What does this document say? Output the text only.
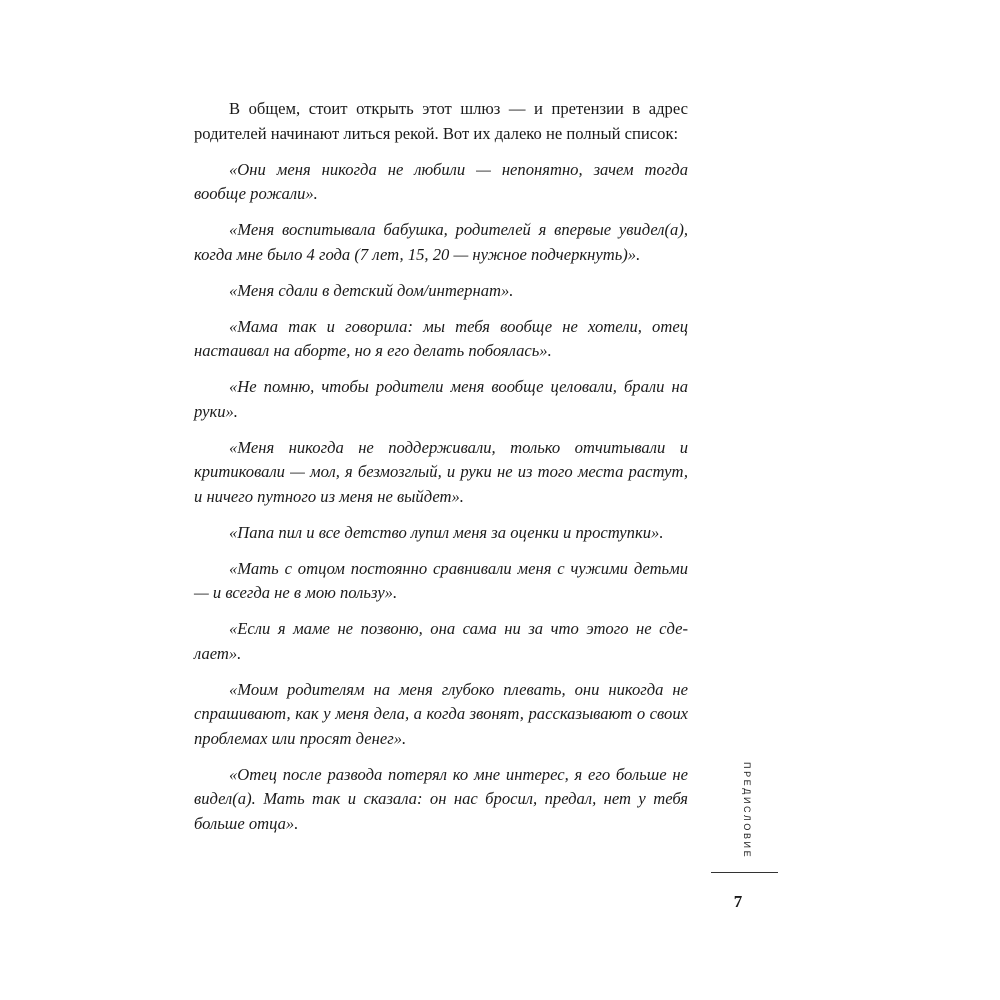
В общем, стоит открыть этот шлюз — и претензии в адрес родителей начинают литься рекой. Вот их далеко не полный список:

«Они меня никогда не любили — непонятно, зачем тогда вообще рожали».

«Меня воспитывала бабушка, родителей я впервые увидел(а), когда мне было 4 года (7 лет, 15, 20 — нужное подчеркнуть)».

«Меня сдали в детский дом/интернат».

«Мама так и говорила: мы тебя вообще не хотели, отец настаивал на аборте, но я его делать побоялась».

«Не помню, чтобы родители меня вообще целовали, брали на руки».

«Меня никогда не поддерживали, только отчитывали и критиковали — мол, я безмозглый, и руки не из того места растут, и ничего путного из меня не выйдет».

«Папа пил и все детство лупил меня за оценки и проступки».

«Мать с отцом постоянно сравнивали меня с чужими детьми — и всегда не в мою пользу».

«Если я маме не позвоню, она сама ни за что этого не сделает».

«Моим родителям на меня глубоко плевать, они никогда не спрашивают, как у меня дела, а когда звонят, рассказывают о своих проблемах или просят денег».

«Отец после развода потерял ко мне интерес, я его больше не видел(а). Мать так и сказала: он нас бросил, предал, нет у тебя больше отца».	ПРЕДИСЛОВИЕ
7
